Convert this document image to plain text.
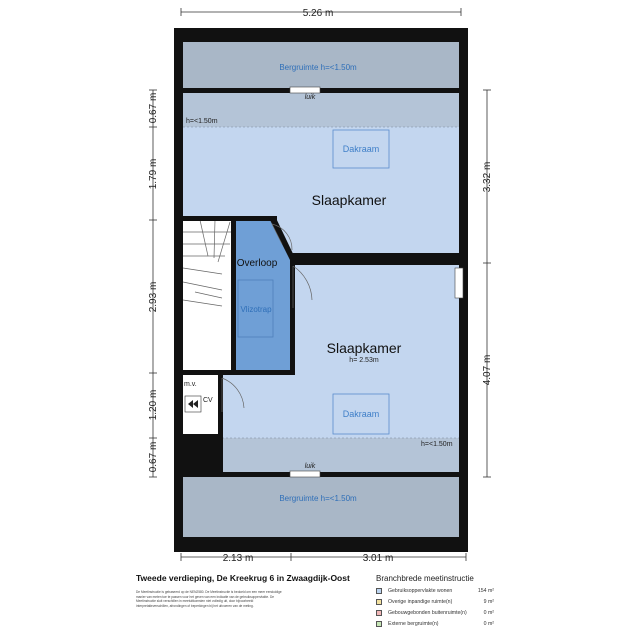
5.26 m
2.13 m	3.01 m
0.67 m
1.79 m
2.93 m
1.20 m
0.67 m
3.32 m
4.07 m
Bergruimte h=<1.50m
Bergruimte h=<1.50m
luik
luik
h=<1.50m
h=<1.50m
Dakraam
Dakraam
Slaapkamer
Slaapkamer
h= 2.53m
Overloop
Vlizotrap
m.v.
CV
Tweede verdieping, De Kreekrug 6 in Zwaagdijk-Oost
De Meetinstructie is gebaseerd op de NEN2580. De Meetinstructie is bedoeld om een meer eenduidige manier van meten toe te passen voor het geven van een indicatie van de gebruiksoppervlakte. De Meetinstructie sluit verschillen in meetuitkomsten niet volledig uit, door bijvoorbeeld interpretatieverschillen, afrondingen of beperkingen bij het uitvoeren van de meting.
Branchbrede meetinstructie
Gebruiksoppervlakte wonen	154 m²
Overige inpandige ruimte(n)	9 m²
Gebouwgebonden buitenruimte(n)	0 m²
Externe bergruimte(n)	0 m²
